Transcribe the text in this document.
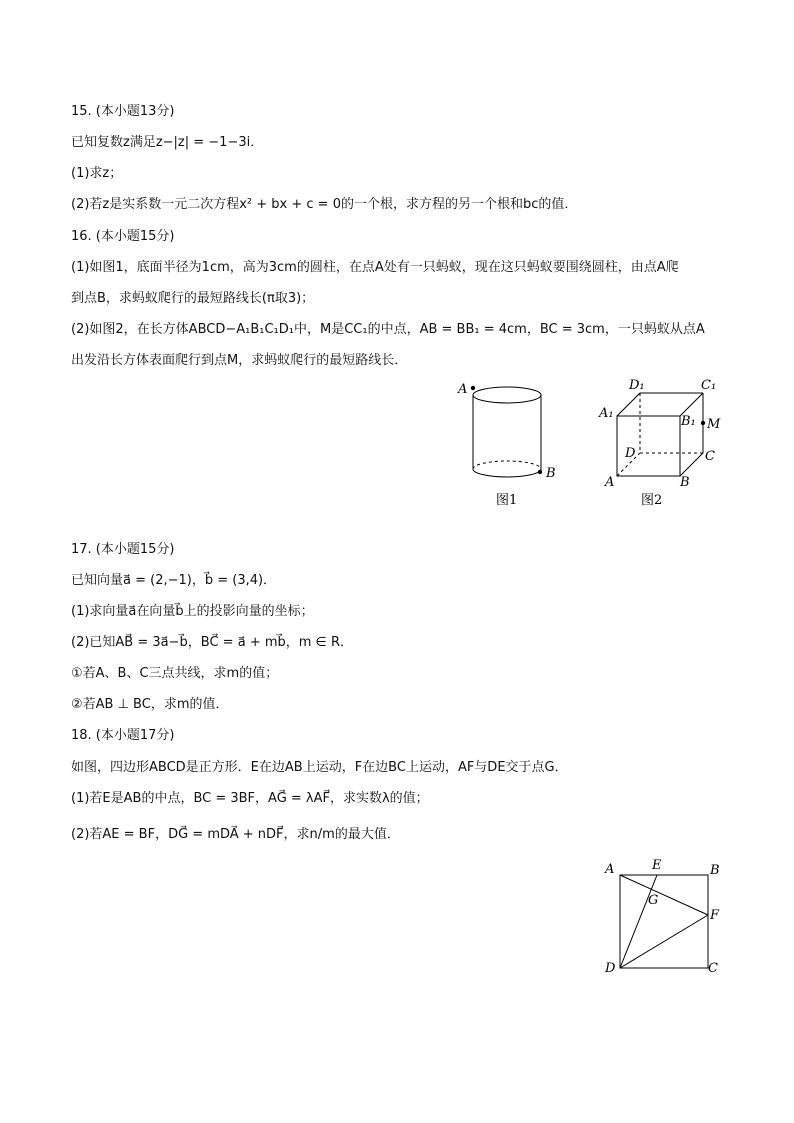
15. (本小题13分)
已知复数z满足z−|z| = −1−3i．
(1)求z；
(2)若z是实系数一元二次方程x² + bx + c = 0的一个根，求方程的另一个根和bc的值．
16. (本小题15分)
(1)如图1，底面半径为1cm，高为3cm的圆柱，在点A处有一只蚂蚁，现在这只蚂蚁要围绕圆柱，由点A爬
到点B，求蚂蚁爬行的最短路线长(π取3)；
(2)如图2，在长方体ABCD−A₁B₁C₁D₁中，M是CC₁的中点，AB = BB₁ = 4cm，BC = 3cm，一只蚂蚁从点A
出发沿长方体表面爬行到点M，求蚂蚁爬行的最短路线长．
A
B
图1
D₁	C₁
A₁
B₁ M
D	C
A	B
图2
17. (本小题15分)
已知向量a⃗ = (2,−1)，b⃗ = (3,4)．
(1)求向量a⃗在向量b⃗上的投影向量的坐标；
(2)已知AB⃗ = 3a⃗−b⃗，BC⃗ = a⃗ + mb⃗，m ∈ R．
①若A、B、C三点共线，求m的值；
②若AB ⊥ BC，求m的值．
18. (本小题17分)
如图，四边形ABCD是正方形．E在边AB上运动，F在边BC上运动，AF与DE交于点G．
(1)若E是AB的中点，BC = 3BF，AG⃗ = λAF⃗，求实数λ的值；
(2)若AE = BF，DG⃗ = mDA⃗ + nDF⃗，求n/m的最大值．
A	E	B
G
F
D	C
